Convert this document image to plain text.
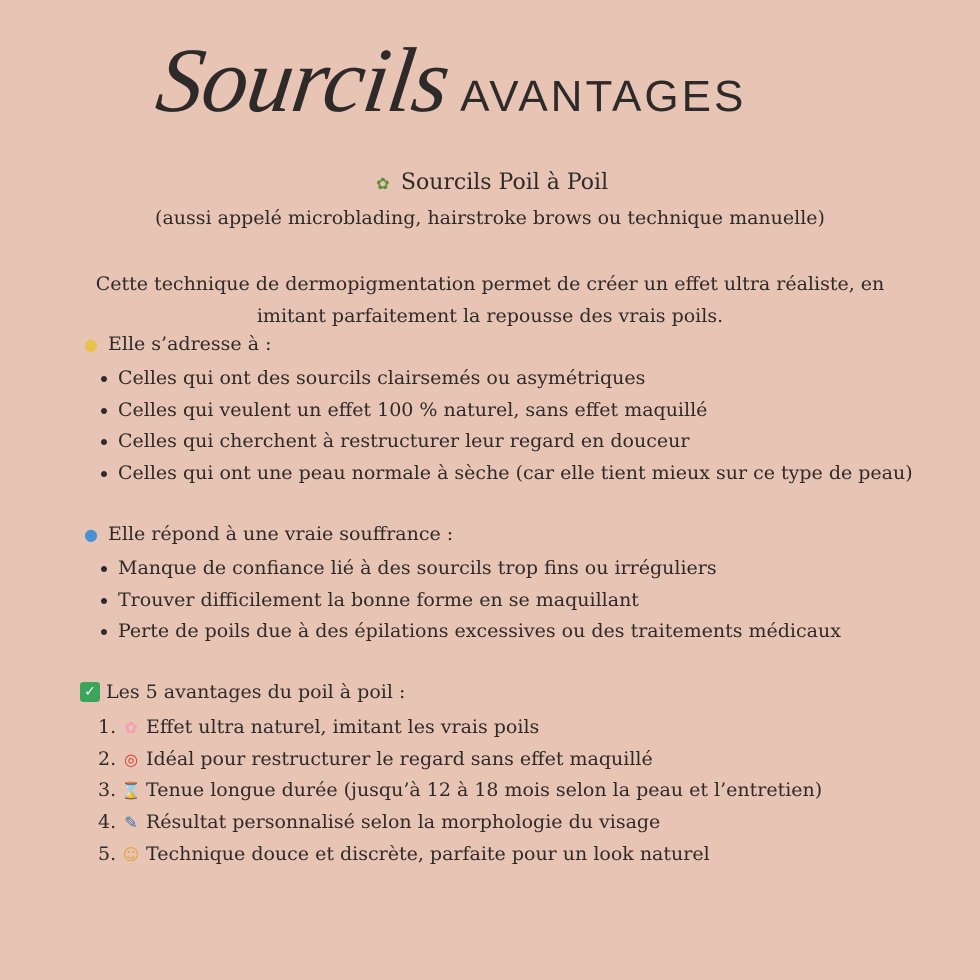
Sourcils AVANTAGES
✿ Sourcils Poil à Poil
(aussi appelé microblading, hairstroke brows ou technique manuelle)
Cette technique de dermopigmentation permet de créer un effet ultra réaliste, en imitant parfaitement la repousse des vrais poils.
● Elle s’adresse à :
Celles qui ont des sourcils clairsemés ou asymétriques
Celles qui veulent un effet 100 % naturel, sans effet maquillé
Celles qui cherchent à restructurer leur regard en douceur
Celles qui ont une peau normale à sèche (car elle tient mieux sur ce type de peau)
● Elle répond à une vraie souffrance :
Manque de confiance lié à des sourcils trop fins ou irréguliers
Trouver difficilement la bonne forme en se maquillant
Perte de poils due à des épilations excessives ou des traitements médicaux
✓ Les 5 avantages du poil à poil :
1. ✿ Effet ultra naturel, imitant les vrais poils
2. ◎ Idéal pour restructurer le regard sans effet maquillé
3. ⌛ Tenue longue durée (jusqu’à 12 à 18 mois selon la peau et l’entretien)
4. ✎ Résultat personnalisé selon la morphologie du visage
5. ☺ Technique douce et discrète, parfaite pour un look naturel
